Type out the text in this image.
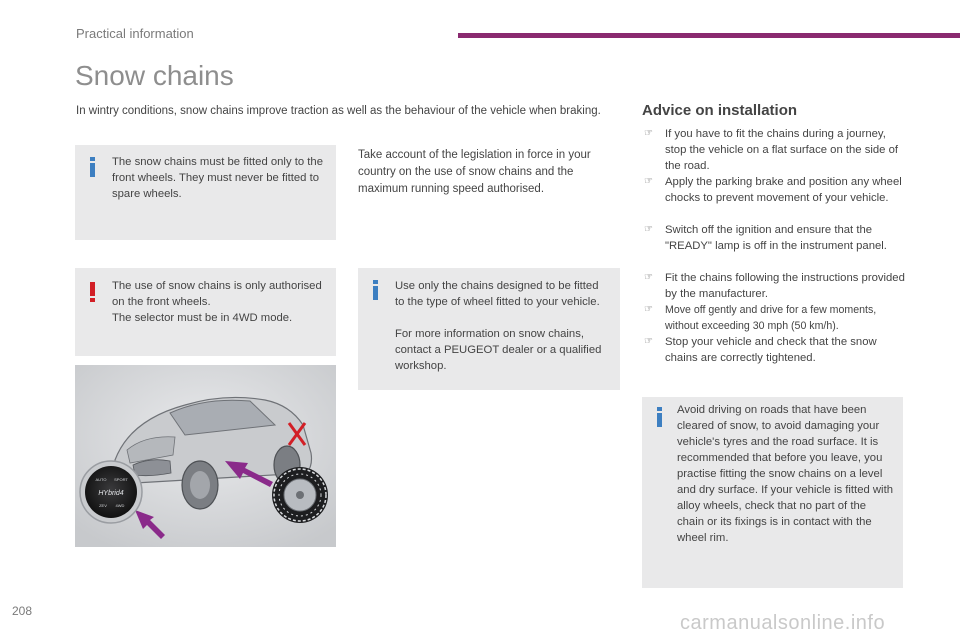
Practical information
Snow chains
In wintry conditions, snow chains improve traction as well as the behaviour of the vehicle when braking.
The snow chains must be fitted only to the front wheels. They must never be fitted to spare wheels.
Take account of the legislation in force in your country on the use of snow chains and the maximum running speed authorised.
The use of snow chains is only authorised on the front wheels.
The selector must be in 4WD mode.
Use only the chains designed to be fitted to the type of wheel fitted to your vehicle.
For more information on snow chains, contact a PEUGEOT dealer or a qualified workshop.
Advice on installation
☞ If you have to fit the chains during a journey, stop the vehicle on a flat surface on the side of the road.
☞ Apply the parking brake and position any wheel chocks to prevent movement of your vehicle.
☞ Switch off the ignition and ensure that the "READY" lamp is off in the instrument panel.
☞ Fit the chains following the instructions provided by the manufacturer.
☞ Move off gently and drive for a few moments, without exceeding 30 mph (50 km/h).
☞ Stop your vehicle and check that the snow chains are correctly tightened.
Avoid driving on roads that have been cleared of snow, to avoid damaging your vehicle's tyres and the road surface. It is recommended that before you leave, you practise fitting the snow chains on a level and dry surface. If your vehicle is fitted with alloy wheels, check that no part of the chain or its fixings is in contact with the wheel rim.
AUTO SPORT
HYbrid4
ZEV 4WD
208
carmanualsonline.info
